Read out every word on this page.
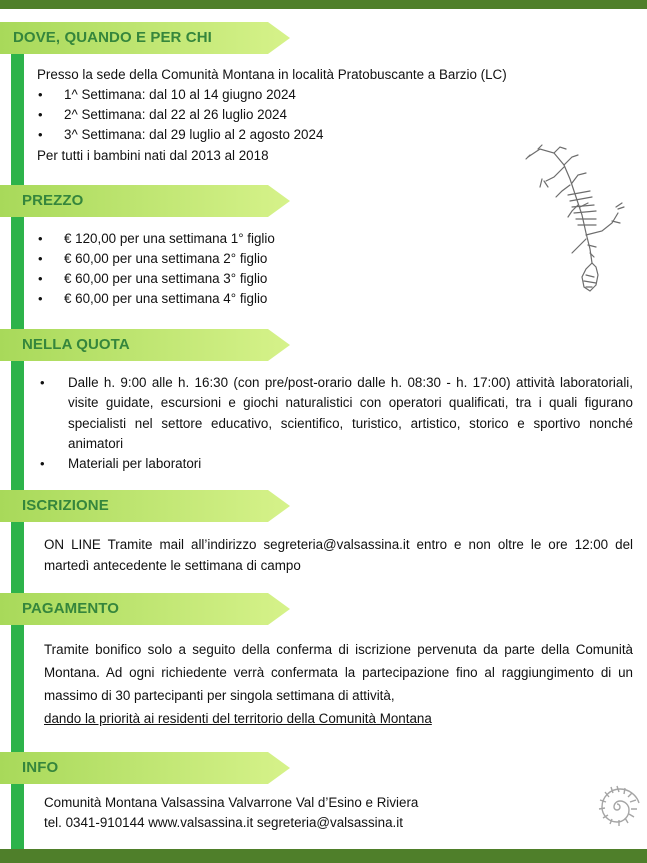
DOVE, QUANDO E PER CHI
Presso la sede della Comunità Montana in località Pratobuscante a Barzio (LC)
• 1^ Settimana: dal 10 al 14 giugno 2024
• 2^ Settimana: dal 22 al 26 luglio 2024
• 3^ Settimana: dal 29 luglio al 2 agosto 2024
Per tutti i bambini nati dal 2013 al 2018
PREZZO
• € 120,00 per una settimana 1° figlio
• € 60,00 per una settimana 2° figlio
• € 60,00 per una settimana 3° figlio
• € 60,00 per una settimana 4° figlio
NELLA QUOTA
• Dalle h. 9:00 alle h. 16:30 (con pre/post-orario dalle h. 08:30 - h. 17:00) attività laboratoriali, visite guidate, escursioni e giochi naturalistici con operatori qualificati, tra i quali figurano specialisti nel settore educativo, scientifico, turistico, artistico, storico e sportivo nonché animatori
• Materiali per laboratori
ISCRIZIONE
ON LINE Tramite mail all’indirizzo segreteria@valsassina.it entro e non oltre le ore 12:00 del martedì antecedente le settimana di campo
PAGAMENTO
Tramite bonifico solo a seguito della conferma di iscrizione pervenuta da parte della Comunità Montana. Ad ogni richiedente verrà confermata la partecipazione fino al raggiungimento di un massimo di 30 partecipanti per singola settimana di attività,
dando la priorità ai residenti del territorio della Comunità Montana
INFO
Comunità Montana Valsassina Valvarrone Val d’Esino e Riviera
tel. 0341-910144 www.valsassina.it segreteria@valsassina.it
